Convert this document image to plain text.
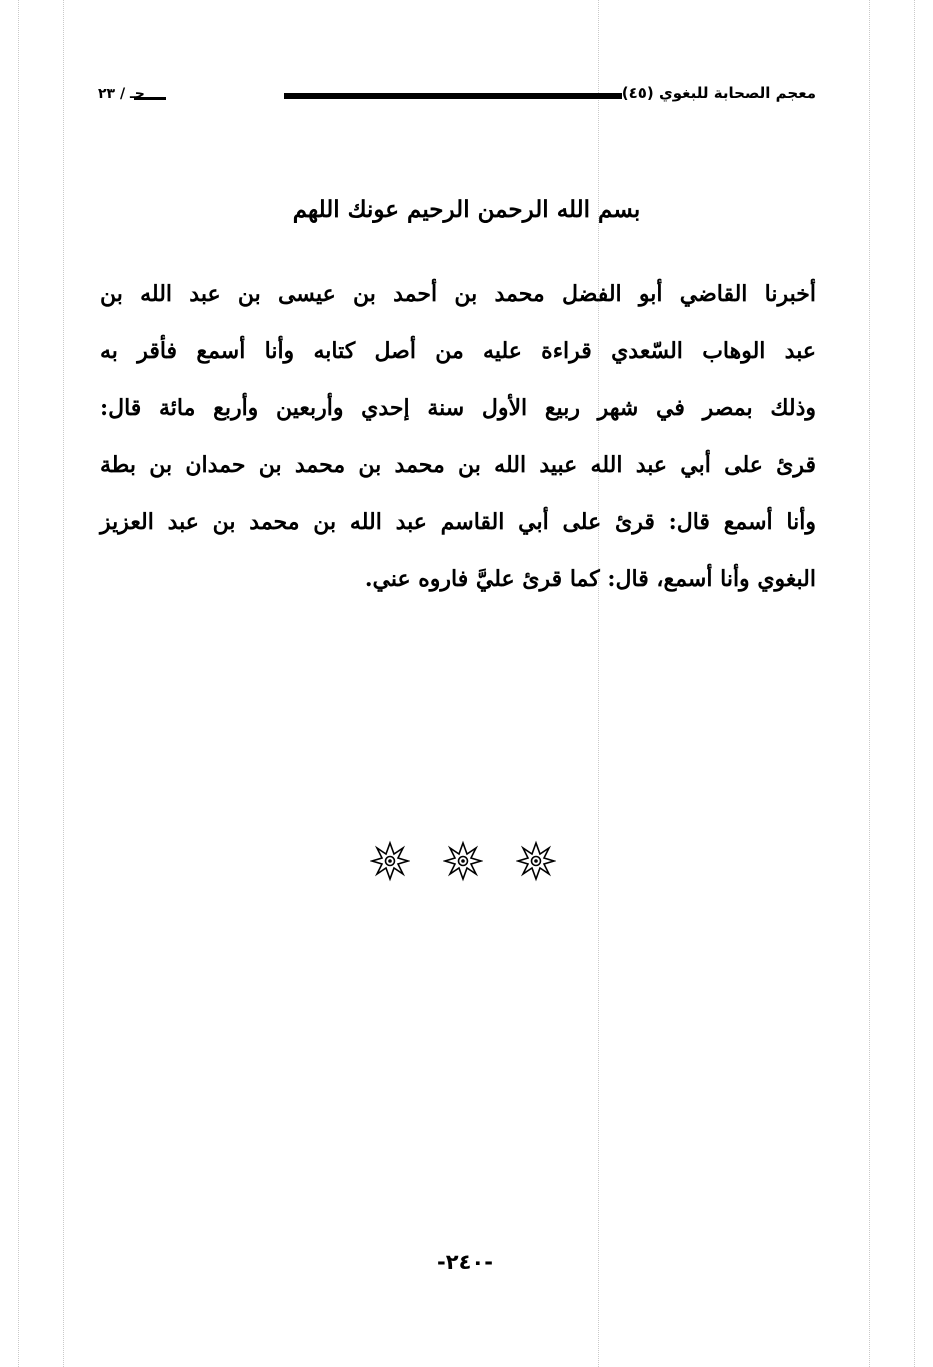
معجم الصحابة للبغوي (٤٥)
حـ / ٢٣
بسم الله الرحمن الرحيم عونك اللهم
أخبرنا القاضي أبو الفضل محمد بن أحمد بن عيسى بن عبد الله بن
عبد الوهاب السّعدي قراءة عليه من أصل كتابه وأنا أسمع فأقر به
وذلك بمصر في شهر ربيع الأول سنة إحدي وأربعين وأربع مائة قال:
قرئ على أبي عبد الله عبيد الله بن محمد بن محمد بن حمدان بن بطة
وأنا أسمع قال: قرئ على أبي القاسم عبد الله بن محمد بن عبد العزيز
البغوي وأنا أسمع، قال: كما قرئ عليَّ فاروه عني.
-٢٤٠-
